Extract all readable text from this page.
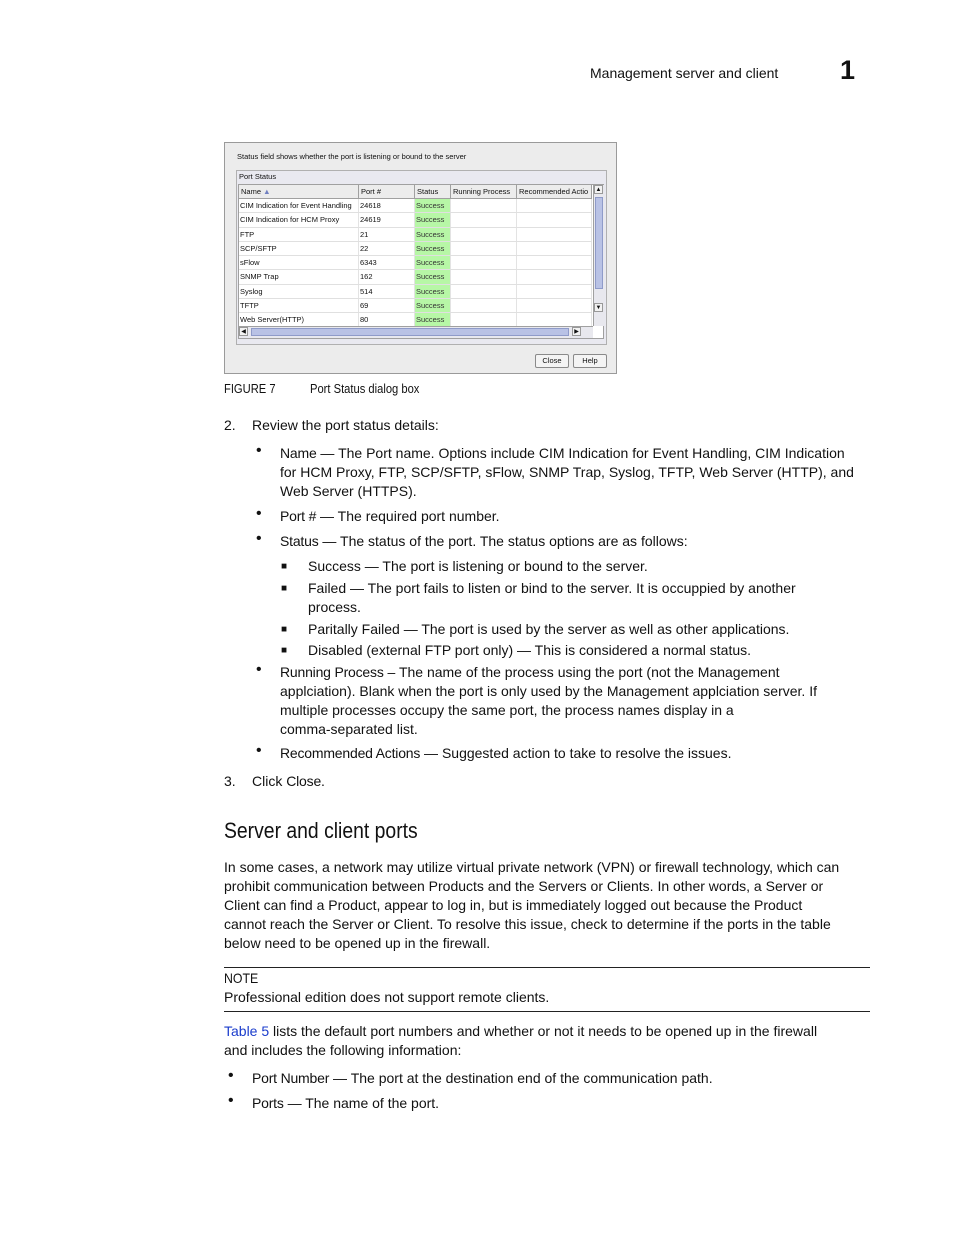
Management server and client 1
Status field shows whether the port is listening or bound to the server
Port Status
Name ▲	Port #	Status	Running Process	Recommended Actio
CIM Indication for Event Handling	24618	Success
CIM Indication for HCM Proxy	24619	Success
FTP	21	Success
SCP/SFTP	22	Success
sFlow	6343	Success
SNMP Trap	162	Success
Syslog	514	Success
TFTP	69	Success
Web Server(HTTP)	80	Success
▲
▼
◀	▶
Close	Help
FIGURE 7	Port Status dialog box
2. Review the port status details:
• Name — The Port name. Options include CIM Indication for Event Handling, CIM Indication
for HCM Proxy, FTP, SCP/SFTP, sFlow, SNMP Trap, Syslog, TFTP, Web Server (HTTP), and
Web Server (HTTPS).
• Port # — The required port number.
• Status — The status of the port. The status options are as follows:
■ Success — The port is listening or bound to the server.
■ Failed — The port fails to listen or bind to the server. It is occuppied by another
process.
■ Paritally Failed — The port is used by the server as well as other applications.
■ Disabled (external FTP port only) — This is considered a normal status.
• Running Process – The name of the process using the port (not the Management
applciation). Blank when the port is only used by the Management applciation server. If
multiple processes occupy the same port, the process names display in a
comma-separated list.
• Recommended Actions — Suggested action to take to resolve the issues.
3. Click Close.
Server and client ports
In some cases, a network may utilize virtual private network (VPN) or firewall technology, which can
prohibit communication between Products and the Servers or Clients. In other words, a Server or
Client can find a Product, appear to log in, but is immediately logged out because the Product
cannot reach the Server or Client. To resolve this issue, check to determine if the ports in the table
below need to be opened up in the firewall.
NOTE
Professional edition does not support remote clients.
Table 5 lists the default port numbers and whether or not it needs to be opened up in the firewall
and includes the following information:
• Port Number — The port at the destination end of the communication path.
• Ports — The name of the port.
